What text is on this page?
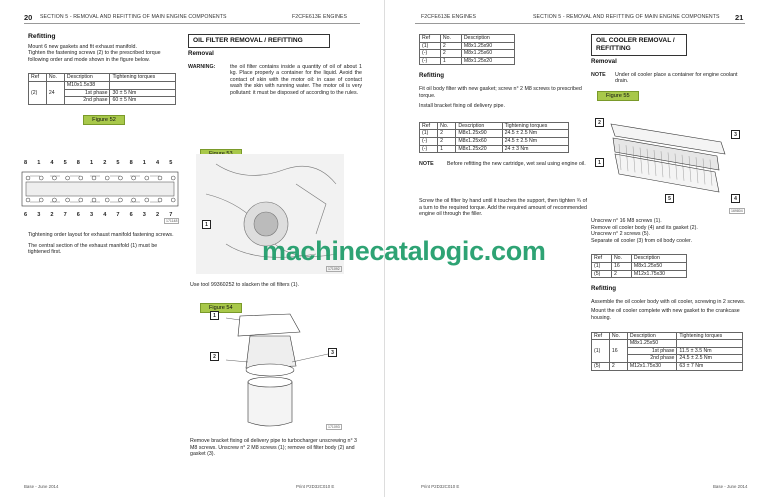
20 SECTION 5 - REMOVAL AND REFITTING OF MAIN ENGINE COMPONENTS	F2CFE613E ENGINES
Refitting
Mount 6 new gaskets and fit exhaust manifold.
Tighten the fastening screws (2) to the prescribed torque following order and mode shown in the figure below.
Ref	No.	Description	Tightening torques
(2)	24	M10x1.5x38	
		1st phase	30 ± 5 Nm
		2nd phase	60 ± 5 Nm
Figure 52
8 1 4 5 8 1 2 5 8 1 4 5
6 3 2 7 6 3 4 7 6 3 2 7
171148
Tightening order layout for exhaust manifold fastening screws.
The central section of the exhaust manifold (1) must be tightened first.
OIL FILTER REMOVAL / REFITTING
Removal
WARNING:	the oil filter contains inside a quantity of oil of about 1 kg. Place properly a container for the liquid. Avoid the contact of skin with the motor oil: in case of contact wash the skin with running water. The motor oil is very pollutant: it must be disposed of according to the rules.
1
171092
Use tool 99360252 to slacken the oil filters (1).
Figure 54
1
2
3
171093
Remove bracket fixing oil delivery pipe to turbocharger unscrewing n° 3 M8 screws. Unscrew n° 2 M8 screws (1); remove oil filter body (2) and gasket (3).
Base - June 2014	Print P2D32C010 E
F2CFE613E ENGINES	SECTION 5 - REMOVAL AND REFITTING OF MAIN ENGINE COMPONENTS 21
Ref	No.	Description
(1)	2	M8x1.25x90
(-)	2	M8x1.25x60
(-)	1	M8x1.25x20
Refitting
Fit oil body filter with new gasket; screw n° 2 M8 screws to prescribed torque.
Install bracket fixing oil delivery pipe.
Ref	No.	Description	Tightening torques
(1)	2	M8x1.25x90	24.5 ± 2.5 Nm
(-)	2	M8x1.25x60	24.5 ± 2.5 Nm
(-)	1	M8x1.25x20	24 ± 3 Nm
NOTE	Before refitting the new cartridge, wet seal using engine oil.
Screw the oil filter by hand until it touches the support, then tighten ¾ of a turn to the required torque. Add the required amount of recommended engine oil through the filler.
OIL COOLER REMOVAL / REFITTING
Removal
NOTE	Under oil cooler place a container for engine coolant drain.
Figure 55
2
3
1
5	4
169804
Unscrew n° 16 M8 screws (1).
Remove oil cooler body (4) and its gasket (2).
Unscrew n° 2 screws (5).
Separate oil cooler (3) from oil body cooler.
Ref	No.	Description
(1)	16	M8x1.25x50
(5)	2	M12x1.75x30
Refitting
Assemble the oil cooler body with oil cooler, screwing in 2 screws.
Mount the oil cooler complete with new gasket to the crankcase housing.
Ref	No.	Description	Tightening torques
(1)	16	M8x1.25x50	
		1st phase	11.5 ± 3.5 Nm
		2nd phase	24.5 ± 2.5 Nm
(5)	2	M12x1.75x30	63 ± 7 Nm
Print P2D32C010 E	Base - June 2014
machinecatalogic.com
